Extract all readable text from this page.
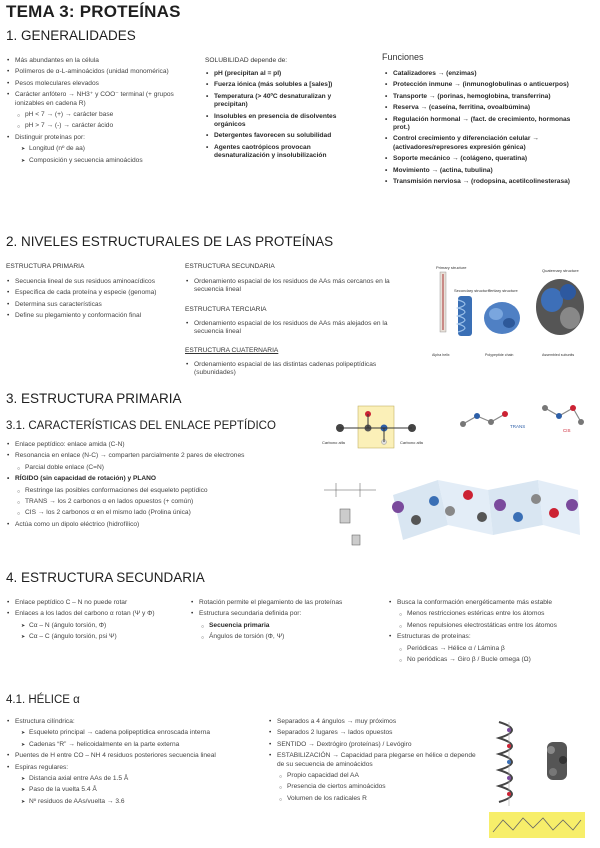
TEMA 3: PROTEÍNAS
1. GENERALIDADES
• Más abundantes en la célula
• Polímeros de α-L-aminoácidos (unidad monomérica)
• Pesos moleculares elevados
• Carácter anfótero → NH3⁺ y COO⁻ terminal (+ grupos ionizables en cadena R)
○ pH < 7 → (+) → carácter base
○ pH > 7 → (-) → carácter ácido
• Distinguir proteínas por:
➤ Longitud (nº de aa)
➤ Composición y secuencia aminoácidos
SOLUBILIDAD depende de:
• pH (precipitan al = pI)
• Fuerza iónica (más solubles a [sales])
• Temperatura (> 40ºC desnaturalizan y precipitan)
• Insolubles en presencia de disolventes orgánicos
• Detergentes favorecen su solubilidad
• Agentes caotrópicos provocan desnaturalización y insolubilización
Funciones
• Catalizadores → (enzimas)
• Protección inmune → (inmunoglobulinas o anticuerpos)
• Transporte → (porinas, hemoglobina, transferrina)
• Reserva → (caseína, ferritina, ovoalbúmina)
• Regulación hormonal → (fact. de crecimiento, hormonas prot.)
• Control crecimiento y diferenciación celular → (activadores/represores expresión génica)
• Soporte mecánico → (colágeno, queratina)
• Movimiento → (actina, tubulina)
• Transmisión nerviosa → (rodopsina, acetilcolinesterasa)
2. NIVELES ESTRUCTURALES DE LAS PROTEÍNAS
ESTRUCTURA PRIMARIA
• Secuencia lineal de sus residuos aminoacídicos
• Específica de cada proteína y especie (genoma)
• Determina sus características
• Define su plegamiento y conformación final
ESTRUCTURA SECUNDARIA
• Ordenamiento espacial de los residuos de AAs más cercanos en la secuencia lineal
ESTRUCTURA TERCIARIA
• Ordenamiento espacial de los residuos de AAs más alejados en la secuencia lineal
ESTRUCTURA CUATERNARIA
• Ordenamiento espacial de las distintas cadenas polipeptídicas (subunidades)
Primary structure
Secondary structure
Tertiary structure
Quaternary structure
Alpha helix	Polypeptide chain	Assembled subunits
3. ESTRUCTURA PRIMARIA
3.1. CARACTERÍSTICAS DEL ENLACE PEPTÍDICO
• Enlace peptídico: enlace amida (C-N)
• Resonancia en enlace (N-C) → comparten parcialmente 2 pares de electrones
○ Parcial doble enlace (C=N)
• RÍGIDO (sin capacidad de rotación) y PLANO
○ Restringe las posibles conformaciones del esqueleto peptídico
○ TRANS → los 2 carbonos α en lados opuestos (+ común)
○ CIS → los 2 carbonos α en el mismo lado (Prolina única)
• Actúa como un dipolo eléctrico (hidrofílico)
Carbono alfa	Carbono alfa
TRANS
CIS
4. ESTRUCTURA SECUNDARIA
• Enlace peptídico C – N no puede rotar
• Enlaces a los lados del carbono α rotan (Ψ y Φ)
➤ Cα – N (ángulo torsión, Φ)
➤ Cα – C (ángulo torsión, psi Ψ)
• Rotación permite el plegamiento de las proteínas
• Estructura secundaria definida por:
○ Secuencia primaria
○ Ángulos de torsión (Φ, Ψ)
• Busca la conformación energéticamente más estable
○ Menos restricciones estéricas entre los átomos
○ Menos repulsiones electrostáticas entre los átomos
• Estructuras de proteínas:
○ Periódicas → Hélice α / Lámina β
○ No periódicas → Giro β / Bucle omega (Ω)
4.1. HÉLICE α
• Estructura cilíndrica:
➤ Esqueleto principal → cadena polipeptídica enroscada interna
➤ Cadenas “R” → helicoidalmente en la parte externa
• Puentes de H entre CO – NH 4 residuos posteriores secuencia lineal
• Espiras regulares:
➤ Distancia axial entre AAs de 1.5 Å
➤ Paso de la vuelta 5.4 Å
➤ Nº residuos de AAs/vuelta → 3.6
• Separados a 4 ángulos → muy próximos
• Separados 2 lugares → lados opuestos
• SENTIDO → Dextrógiro (proteínas) / Levógiro
• ESTABILIZACIÓN → Capacidad para plegarse en hélice α depende de su secuencia de aminoácidos
○ Propio capacidad del AA
○ Presencia de ciertos aminoácidos
○ Volumen de los radicales R
